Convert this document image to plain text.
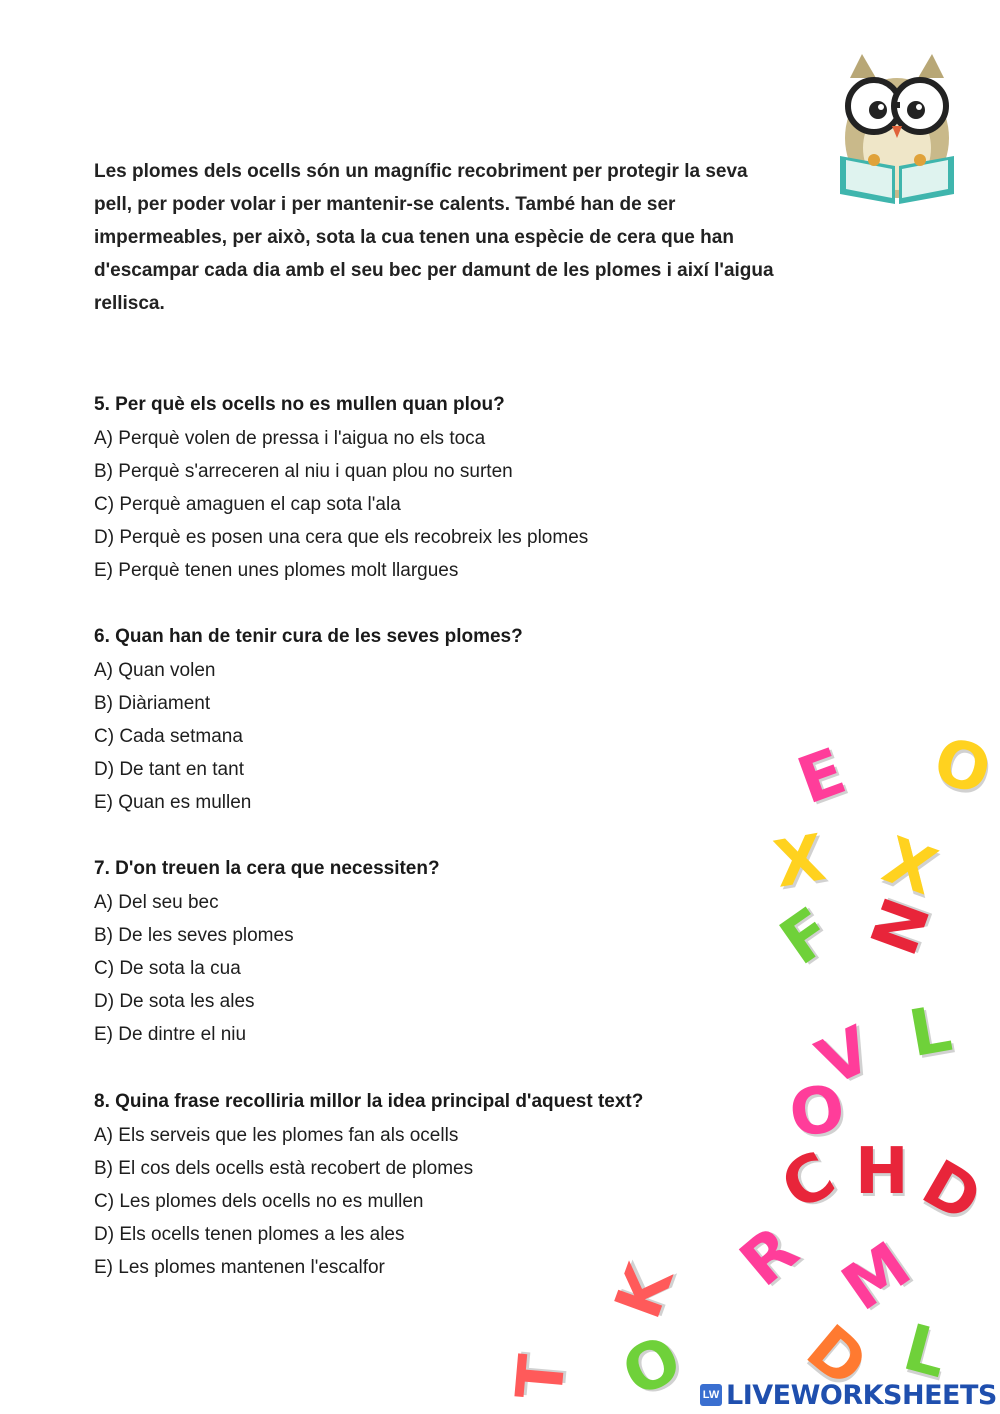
Les plomes dels ocells són un magnífic recobriment per protegir la seva
pell, per poder volar i per mantenir-se calents. També han de ser
impermeables, per això, sota la cua tenen una espècie de cera que han
d'escampar cada dia amb el seu bec per damunt de les plomes i així l'aigua
rellisca.
5. Per què els ocells no es mullen quan plou?
A) Perquè volen de pressa i l'aigua no els toca
B) Perquè s'arreceren al niu i quan plou no surten
C) Perquè amaguen el cap sota l'ala
D) Perquè es posen una cera que els recobreix les plomes
E) Perquè tenen unes plomes molt llargues
6. Quan han de tenir cura de les seves plomes?
A) Quan volen
B) Diàriament
C) Cada setmana
D) De tant en tant
E) Quan es mullen
7. D'on treuen la cera que necessiten?
A) Del seu bec
B) De les seves plomes
C) De sota la cua
D) De sota les ales
E) De dintre el niu
8. Quina frase recolliria millor la idea principal d'aquest text?
A) Els serveis que les plomes fan als ocells
B) El cos dels ocells està recobert de plomes
C) Les plomes dels ocells no es mullen
D) Els ocells tenen plomes a les ales
E) Les plomes mantenen l'escalfor
E O
X X
N
F
L
V
O
C H D
R M
K
O	L
T	D
LW LIVEWORKSHEETS
